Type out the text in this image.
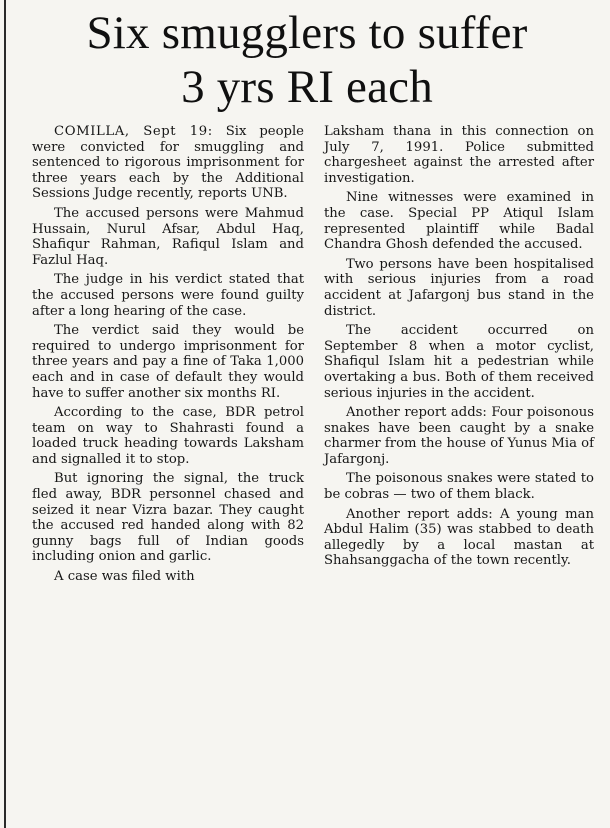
Six smugglers to suffer
3 yrs RI each

COMILLA, Sept 19: Six people were convicted for smuggling and sentenced to rigorous imprisonment for three years each by the Additional Sessions Judge recently, reports UNB.

The accused persons were Mahmud Hussain, Nurul Afsar, Abdul Haq, Shafiqur Rahman, Rafiqul Islam and Fazlul Haq.

The judge in his verdict stated that the accused persons were found guilty after a long hearing of the case.

The verdict said they would be required to undergo imprisonment for three years and pay a fine of Taka 1,000 each and in case of default they would have to suffer another six months RI.

According to the case, BDR petrol team on way to Shahrasti found a loaded truck heading towards Laksham and signalled it to stop.

But ignoring the signal, the truck fled away, BDR personnel chased and seized it near Vizra bazar. They caught the accused red handed along with 82 gunny bags full of Indian goods including onion and garlic.

A case was filed with

Laksham thana in this connection on July 7, 1991. Police submitted chargesheet against the arrested after investigation.

Nine witnesses were examined in the case. Special PP Atiqul Islam represented plaintiff while Badal Chandra Ghosh defended the accused.

Two persons have been hospitalised with serious injuries from a road accident at Jafargonj bus stand in the district.

The accident occurred on September 8 when a motor cyclist, Shafiqul Islam hit a pedestrian while overtaking a bus. Both of them received serious injuries in the accident.

Another report adds: Four poisonous snakes have been caught by a snake charmer from the house of Yunus Mia of Jafargonj.

The poisonous snakes were stated to be cobras — two of them black.

Another report adds: A young man Abdul Halim (35) was stabbed to death allegedly by a local mastan at Shahsanggacha of the town recently.
